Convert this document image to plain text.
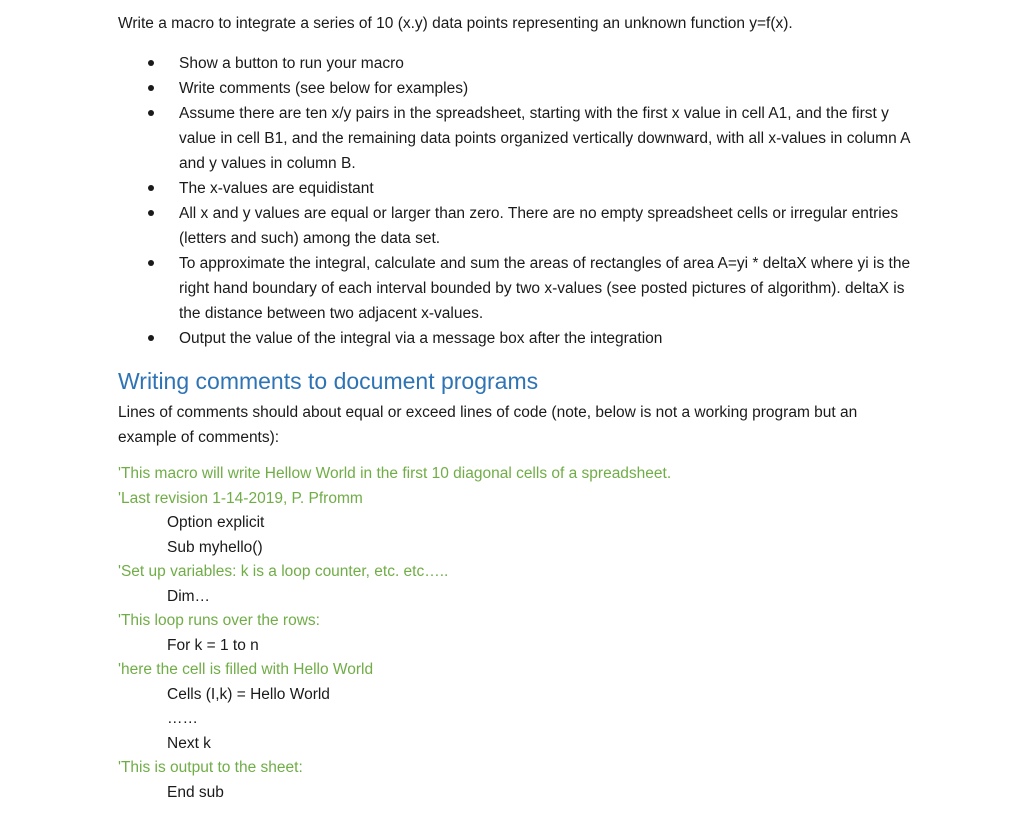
Write a macro to integrate a series of 10 (x.y) data points representing an unknown function y=f(x).
Show a button to run your macro
Write comments (see below for examples)
Assume there are ten x/y pairs in the spreadsheet, starting with the first x value in cell A1, and the first y value in cell B1, and the remaining data points organized vertically downward, with all x-values in column A and y values in column B.
The x-values are equidistant
All x and y values are equal or larger than zero. There are no empty spreadsheet cells or irregular entries (letters and such) among the data set.
To approximate the integral, calculate and sum the areas of rectangles of area A=yi * deltaX where yi is the right hand boundary of each interval bounded by two x-values (see posted pictures of algorithm). deltaX is the distance between two adjacent x-values.
Output the value of the integral via a message box after the integration
Writing comments to document programs

Lines of comments should about equal or exceed lines of code (note, below is not a working program but an example of comments):

'This macro will write Hellow World in the first 10 diagonal cells of a spreadsheet.
'Last revision 1-14-2019, P. Pfromm
Option explicit
Sub myhello()
'Set up variables: k is a loop counter, etc. etc…..
Dim…
'This loop runs over the rows:
For k = 1 to n
'here the cell is filled with Hello World
Cells (I,k) = Hello World
……
Next k
'This is output to the sheet:
End sub
